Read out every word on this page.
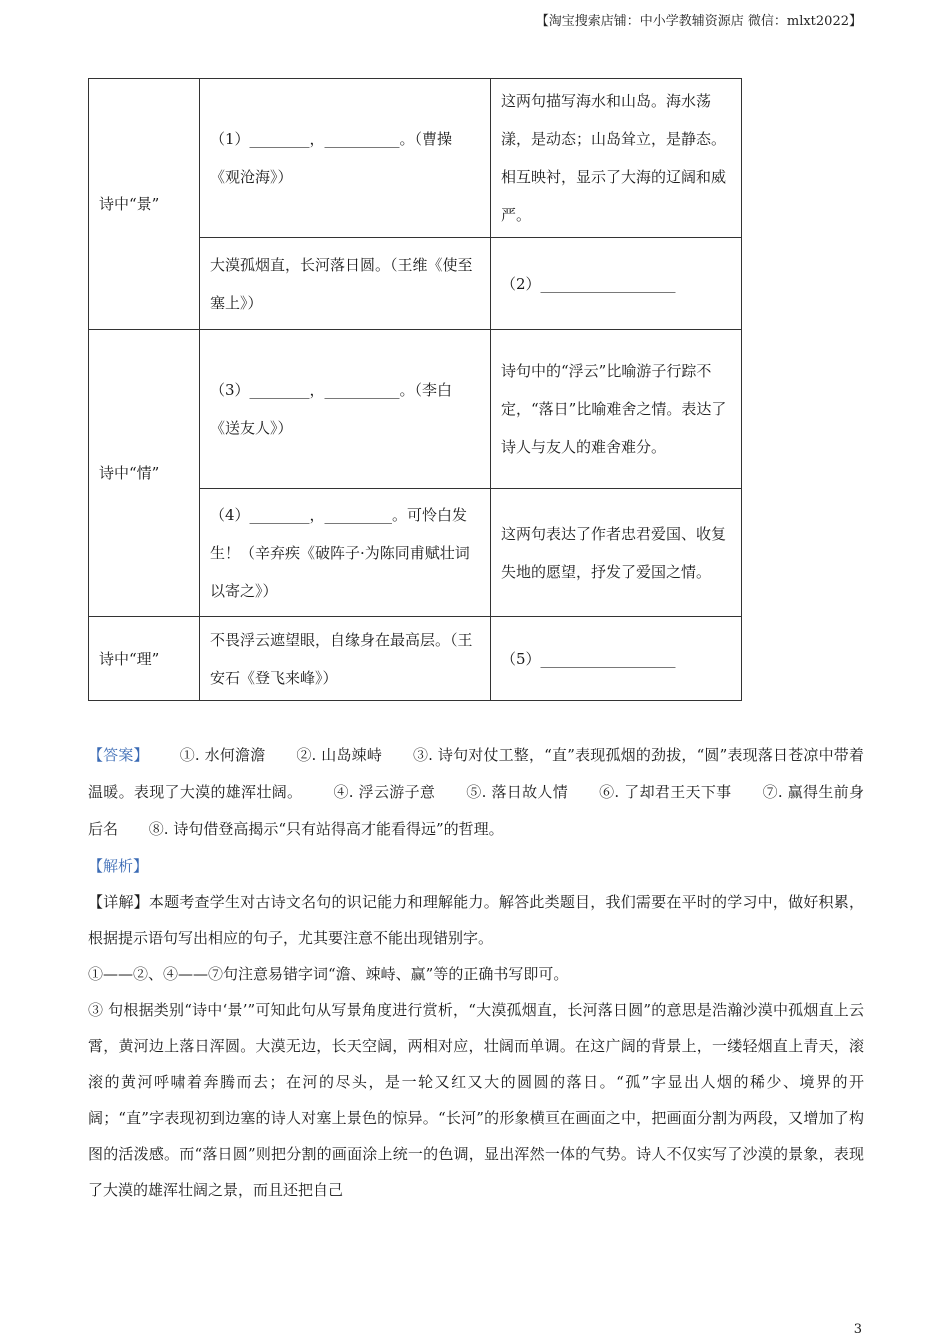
【淘宝搜索店铺：中小学教辅资源店 微信：mlxt2022】
诗中“景”	（1）________，__________。（曹操《观沧海》）	这两句描写海水和山岛。海水荡漾，是动态；山岛耸立，是静态。相互映衬，显示了大海的辽阔和威严。
	大漠孤烟直，长河落日圆。（王维《使至塞上》）	（2）__________________
诗中“情”	（3）________，__________。（李白《送友人》）	诗句中的“浮云”比喻游子行踪不定，“落日”比喻难舍之情。表达了诗人与友人的难舍难分。
	（4）________，_________。可怜白发生！（辛弃疾《破阵子·为陈同甫赋壮词以寄之》）	这两句表达了作者忠君爱国、收复失地的愿望，抒发了爱国之情。
诗中“理”	不畏浮云遮望眼，自缘身在最高层。（王安石《登飞来峰》）	（5）__________________

【答案】 ①. 水何澹澹 ②. 山岛竦峙 ③. 诗句对仗工整，“直”表现孤烟的劲拔，“圆”表现落日苍凉中带着温暖。表现了大漠的雄浑壮阔。 ④. 浮云游子意 ⑤. 落日故人情 ⑥. 了却君王天下事 ⑦. 赢得生前身后名 ⑧. 诗句借登高揭示“只有站得高才能看得远”的哲理。

【解析】

【详解】本题考查学生对古诗文名句的识记能力和理解能力。解答此类题目，我们需要在平时的学习中，做好积累，根据提示语句写出相应的句子，尤其要注意不能出现错别字。

①——②、④——⑦句注意易错字词“澹、竦峙、赢”等的正确书写即可。

③ 句根据类别“诗中‘景’”可知此句从写景角度进行赏析，“大漠孤烟直，长河落日圆”的意思是浩瀚沙漠中孤烟直上云霄，黄河边上落日浑圆。大漠无边，长天空阔，两相对应，壮阔而单调。在这广阔的背景上，一缕轻烟直上青天，滚滚的黄河呼啸着奔腾而去；在河的尽头，是一轮又红又大的圆圆的落日。“孤”字显出人烟的稀少、境界的开阔；“直”字表现初到边塞的诗人对塞上景色的惊异。“长河”的形象横亘在画面之中，把画面分割为两段，又增加了构图的活泼感。而“落日圆”则把分割的画面涂上统一的色调，显出浑然一体的气势。诗人不仅实写了沙漠的景象，表现了大漠的雄浑壮阔之景，而且还把自己

3
